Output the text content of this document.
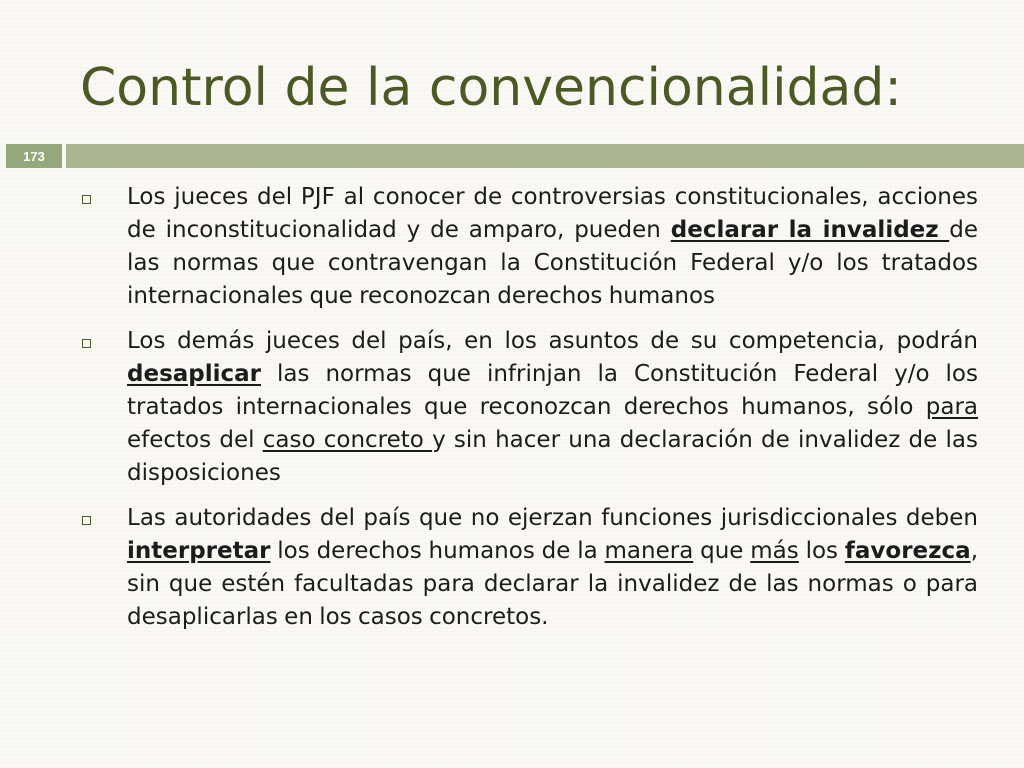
Control de la convencionalidad:
173
Los jueces del PJF al conocer de controversias constitucionales, acciones de inconstitucionalidad y de amparo, pueden declarar la invalidez de las normas que contravengan la Constitución Federal y/o los tratados internacionales que reconozcan derechos humanos
Los demás jueces del país, en los asuntos de su competencia, podrán desaplicar las normas que infrinjan la Constitución Federal y/o los tratados internacionales que reconozcan derechos humanos, sólo para efectos del caso concreto y sin hacer una declaración de invalidez de las disposiciones
Las autoridades del país que no ejerzan funciones jurisdiccionales deben interpretar los derechos humanos de la manera que más los favorezca, sin que estén facultadas para declarar la invalidez de las normas o para desaplicarlas en los casos concretos.
